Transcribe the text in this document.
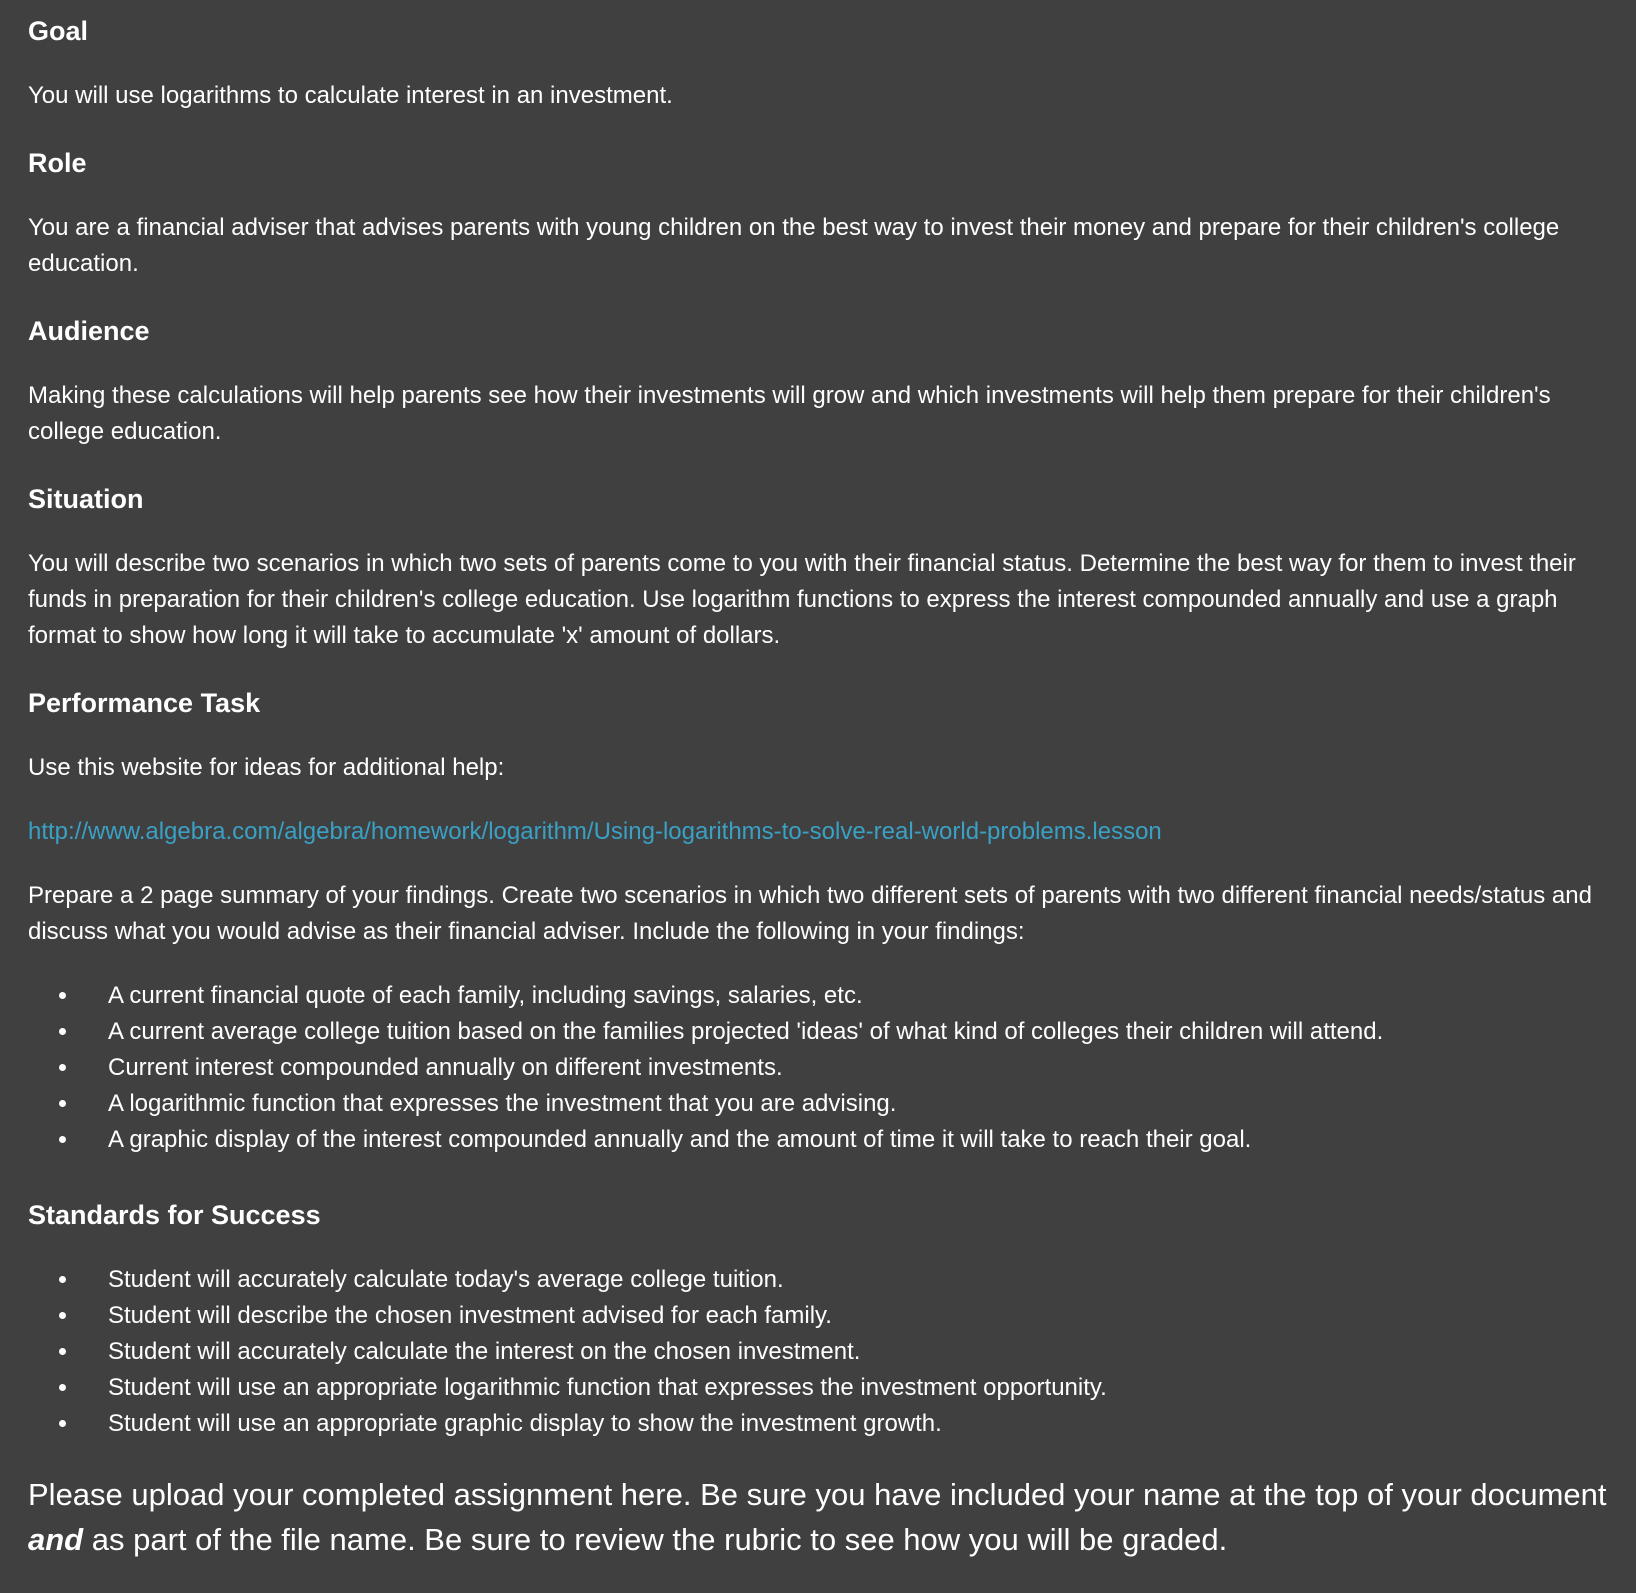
Goal

You will use logarithms to calculate interest in an investment.

Role

You are a financial adviser that advises parents with young children on the best way to invest their money and prepare for their children's college education.

Audience

Making these calculations will help parents see how their investments will grow and which investments will help them prepare for their children's college education.

Situation

You will describe two scenarios in which two sets of parents come to you with their financial status. Determine the best way for them to invest their funds in preparation for their children's college education. Use logarithm functions to express the interest compounded annually and use a graph format to show how long it will take to accumulate 'x' amount of dollars.

Performance Task

Use this website for ideas for additional help:

http://www.algebra.com/algebra/homework/logarithm/Using-logarithms-to-solve-real-world-problems.lesson

Prepare a 2 page summary of your findings. Create two scenarios in which two different sets of parents with two different financial needs/status and discuss what you would advise as their financial adviser. Include the following in your findings:

• A current financial quote of each family, including savings, salaries, etc.
• A current average college tuition based on the families projected 'ideas' of what kind of colleges their children will attend.
• Current interest compounded annually on different investments.
• A logarithmic function that expresses the investment that you are advising.
• A graphic display of the interest compounded annually and the amount of time it will take to reach their goal.
Standards for Success
• Student will accurately calculate today's average college tuition.
• Student will describe the chosen investment advised for each family.
• Student will accurately calculate the interest on the chosen investment.
• Student will use an appropriate logarithmic function that expresses the investment opportunity.
• Student will use an appropriate graphic display to show the investment growth.

Please upload your completed assignment here. Be sure you have included your name at the top of your document and as part of the file name. Be sure to review the rubric to see how you will be graded.
